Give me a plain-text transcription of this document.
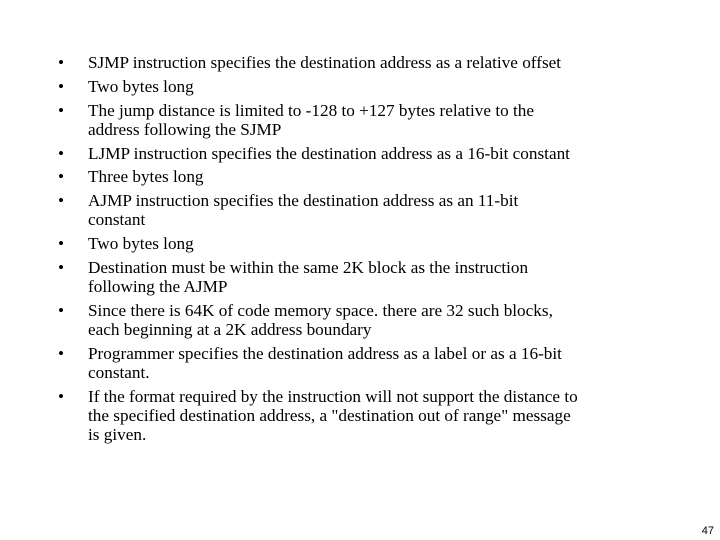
• SJMP instruction specifies the destination address as a relative offset
• Two bytes long
• The jump distance is limited to -128 to +127 bytes relative to the
address following the SJMP
• LJMP instruction specifies the destination address as a 16-bit constant
• Three bytes long
• AJMP instruction specifies the destination address as an 11-bit
constant
• Two bytes long
• Destination must be within the same 2K block as the instruction
following the AJMP
• Since there is 64K of code memory space. there are 32 such blocks,
each beginning at a 2K address boundary
• Programmer specifies the destination address as a label or as a 16-bit
constant.
• If the format required by the instruction will not support the distance to
the specified destination address, a "destination out of range" message
is given.
47
